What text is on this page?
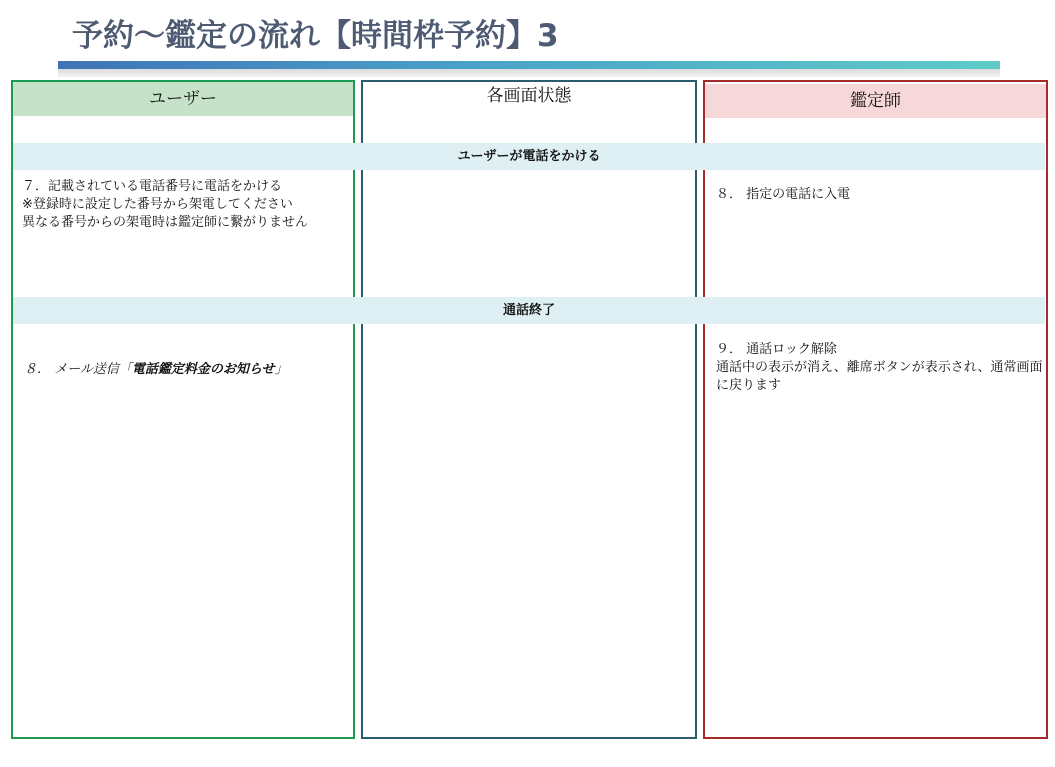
予約～鑑定の流れ【時間枠予約】3
ユーザー	各画面状態	鑑定師
ユーザーが電話をかける
通話終了

７．記載されている電話番号に電話をかける

※登録時に設定した番号から架電してください

異なる番号からの架電時は鑑定師に繋がりません

８． 指定の電話に入電
８． メール送信「電話鑑定料金のお知らせ」

９． 通話ロック解除

通話中の表示が消え、離席ボタンが表示され、通常画面に戻ります
